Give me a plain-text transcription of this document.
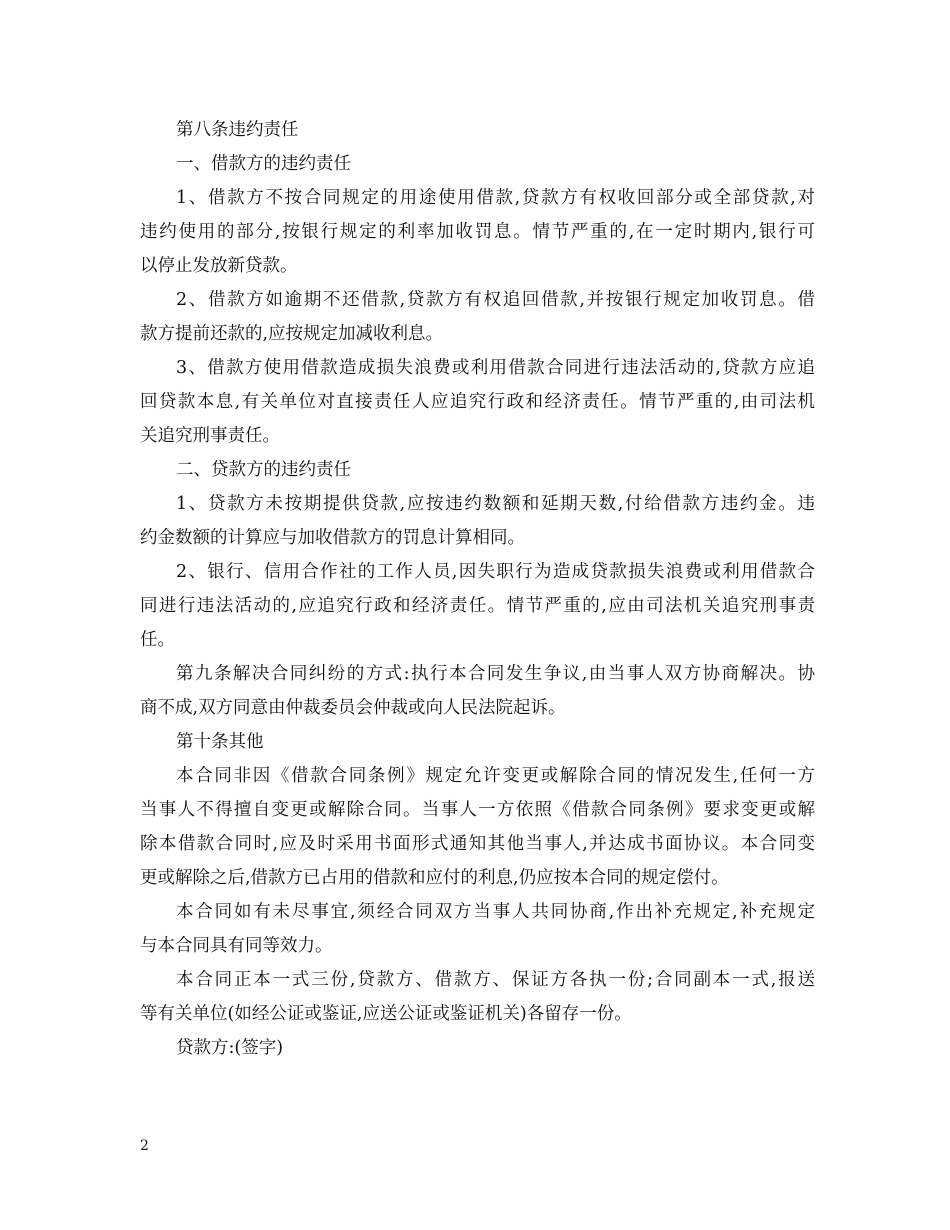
第八条违约责任
一、借款方的违约责任
1、借款方不按合同规定的用途使用借款,贷款方有权收回部分或全部贷款,对
违约使用的部分,按银行规定的利率加收罚息。情节严重的,在一定时期内,银行可
以停止发放新贷款。
2、借款方如逾期不还借款,贷款方有权追回借款,并按银行规定加收罚息。借
款方提前还款的,应按规定加减收利息。
3、借款方使用借款造成损失浪费或利用借款合同进行违法活动的,贷款方应追
回贷款本息,有关单位对直接责任人应追究行政和经济责任。情节严重的,由司法机
关追究刑事责任。
二、贷款方的违约责任
1、贷款方未按期提供贷款,应按违约数额和延期天数,付给借款方违约金。违
约金数额的计算应与加收借款方的罚息计算相同。
2、银行、信用合作社的工作人员,因失职行为造成贷款损失浪费或利用借款合
同进行违法活动的,应追究行政和经济责任。情节严重的,应由司法机关追究刑事责
任。
第九条解决合同纠纷的方式:执行本合同发生争议,由当事人双方协商解决。协
商不成,双方同意由仲裁委员会仲裁或向人民法院起诉。
第十条其他
本合同非因《借款合同条例》规定允许变更或解除合同的情况发生,任何一方
当事人不得擅自变更或解除合同。当事人一方依照《借款合同条例》要求变更或解
除本借款合同时,应及时采用书面形式通知其他当事人,并达成书面协议。本合同变
更或解除之后,借款方已占用的借款和应付的利息,仍应按本合同的规定偿付。
本合同如有未尽事宜,须经合同双方当事人共同协商,作出补充规定,补充规定
与本合同具有同等效力。
本合同正本一式三份,贷款方、借款方、保证方各执一份;合同副本一式,报送
等有关单位(如经公证或鉴证,应送公证或鉴证机关)各留存一份。
贷款方:(签字)
2
